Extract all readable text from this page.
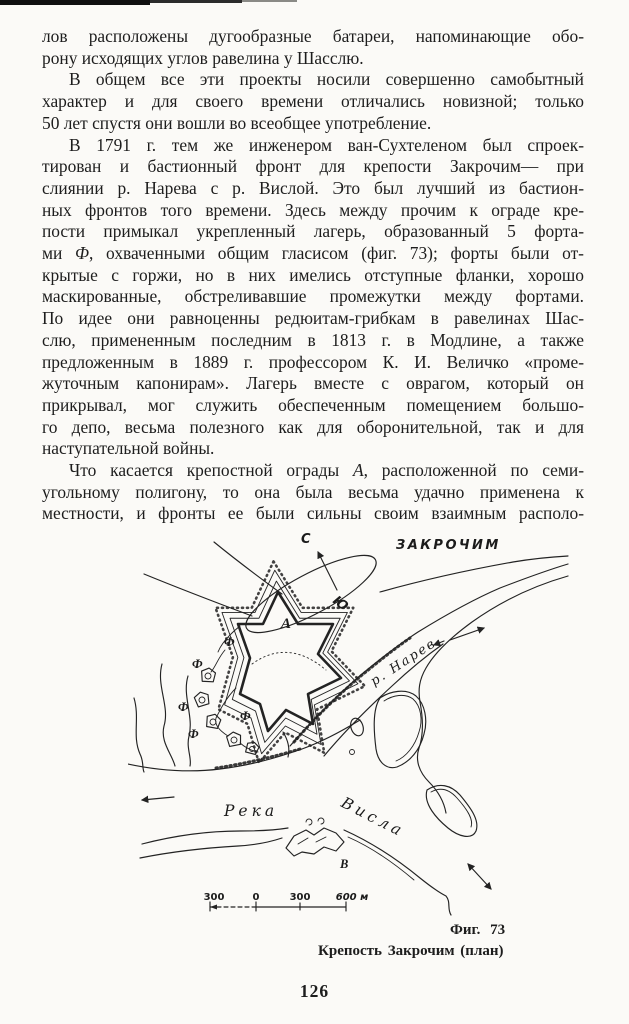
лов расположены дугообразные батареи, напоминающие обо-
рону исходящих углов равелина у Шасслю.
В общем все эти проекты носили совершенно самобытный
характер и для своего времени отличались новизной; только
50 лет спустя они вошли во всеобщее употребление.
В 1791 г. тем же инженером ван-Сухтеленом был спроек-
тирован и бастионный фронт для крепости Закрочим— при
слиянии р. Нарева с р. Вислой. Это был лучший из бастион-
ных фронтов того времени. Здесь между прочим к ограде кре-
пости примыкал укрепленный лагерь, образованный 5 форта-
ми Ф, охваченными общим гласисом (фиг. 73); форты были от-
крытые с горжи, но в них имелись отступные фланки, хорошо
маскированные, обстреливавшие промежутки между фортами.
По идее они равноценны редюитам-грибкам в равелинах Шас-
слю, примененным последним в 1813 г. в Модлине, а также
предложенным в 1889 г. профессором К. И. Величко «проме-
жуточным капонирам». Лагерь вместе с оврагом, который он
прикрывал, мог служить обеспеченным помещением большо-
го депо, весьма полезного как для оборонительной, так и для
наступательной войны.
Что касается крепостной ограды А, расположенной по семи-
угольному полигону, то она была весьма удачно применена к
местности, и фронты ее были сильны своим взаимным располо-
С
Ю
ЗАКРОЧИМ
А
Ф
Ф
Ф
Ф
Ф
р. Нарев
В
Река	Висла
300	0	300	600 м
Фиг. 73
Крепость Закрочим (план)
126
